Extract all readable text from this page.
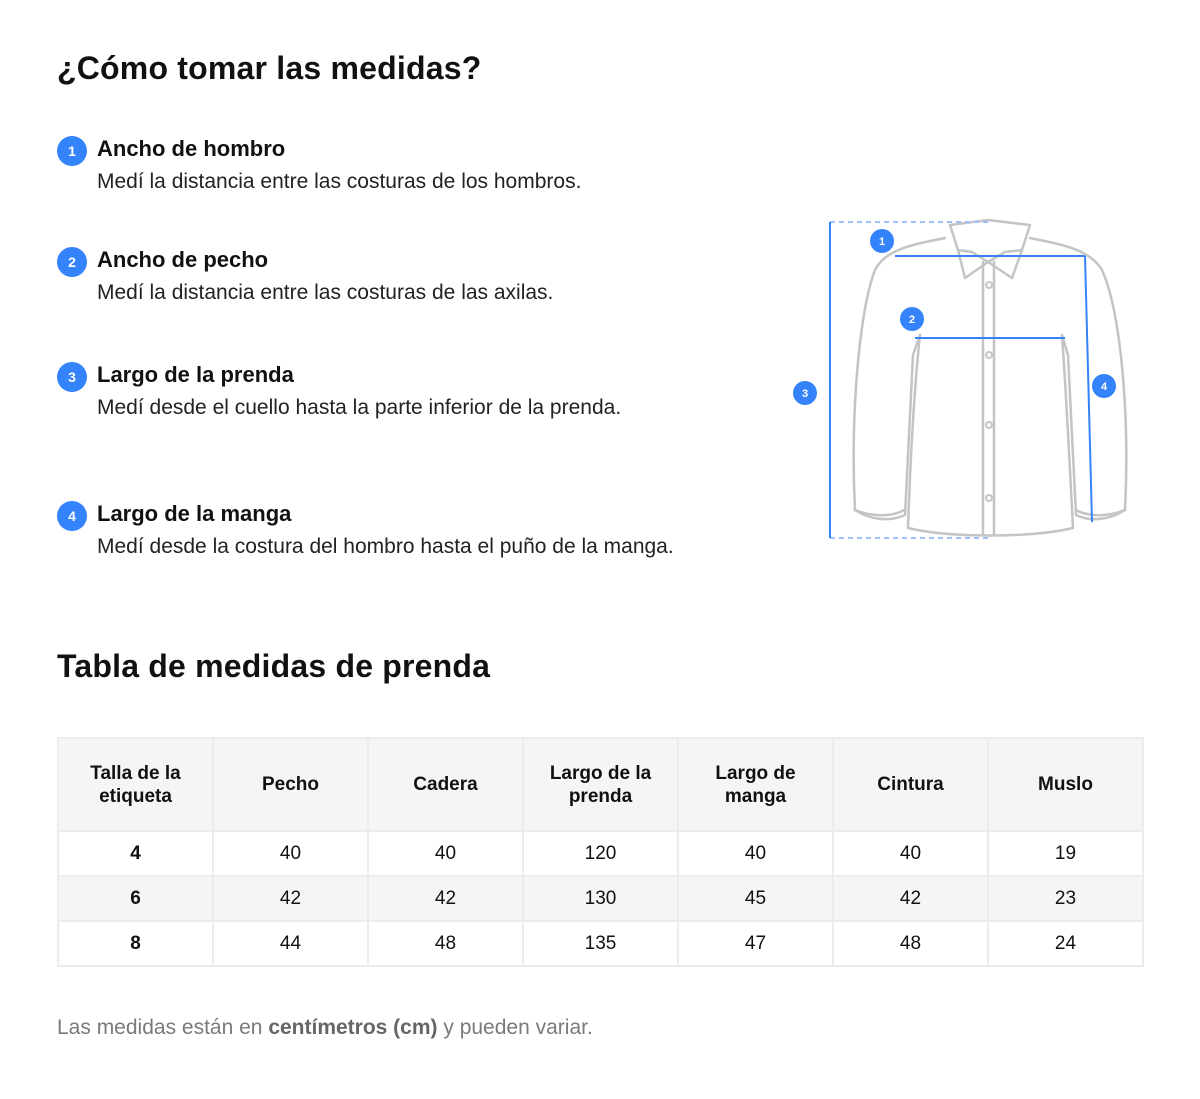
¿Cómo tomar las medidas?
1 Ancho de hombro
Medí la distancia entre las costuras de los hombros.
2 Ancho de pecho
Medí la distancia entre las costuras de las axilas.
3 Largo de la prenda
Medí desde el cuello hasta la parte inferior de la prenda.
4 Largo de la manga
Medí desde la costura del hombro hasta el puño de la manga.
1
2
3
4
Tabla de medidas de prenda
Talla de la etiqueta	Pecho	Cadera	Largo de la prenda	Largo de manga	Cintura	Muslo
4	40	40	120	40	40	19
6	42	42	130	45	42	23
8	44	48	135	47	48	24
Las medidas están en centímetros (cm) y pueden variar.
